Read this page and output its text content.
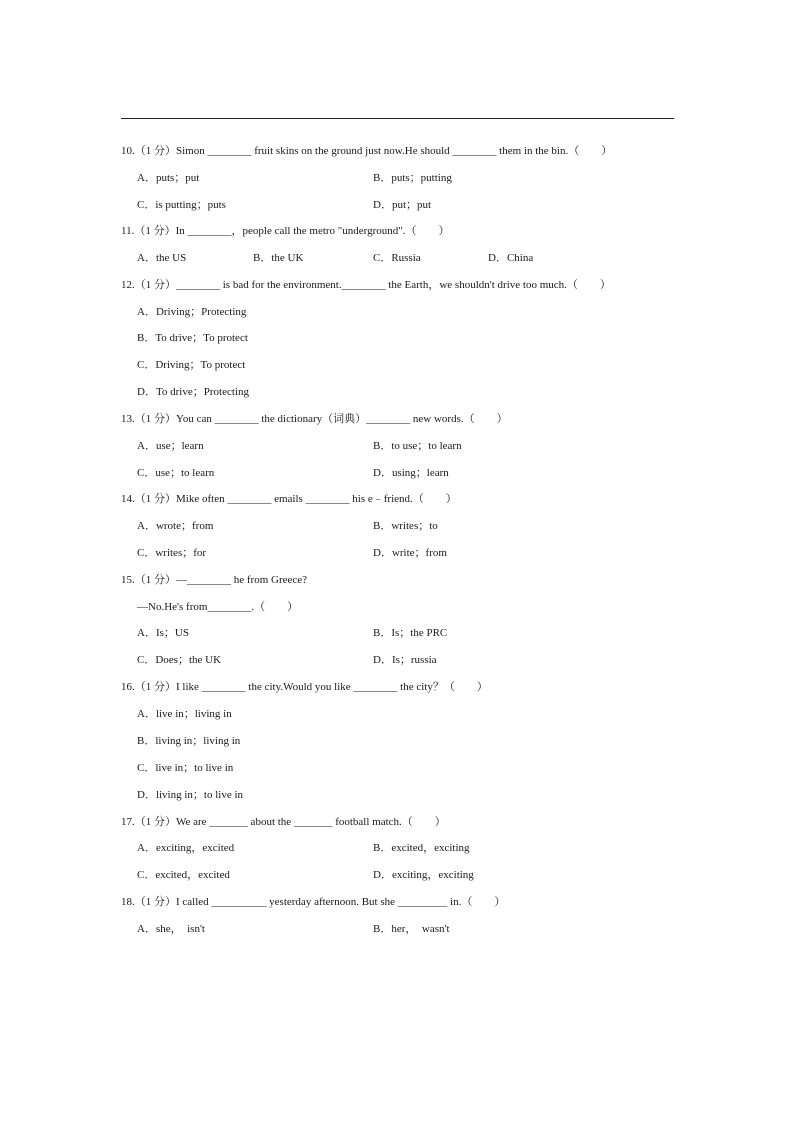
10.（1 分）Simon ________ fruit skins on the ground just now.He should ________ them in the bin.（　　）
A．puts；put	B．puts；putting
C．is putting；puts	D．put；put
11.（1 分）In ________，people call the metro "underground".（　　）
A．the US	B．the UK	C．Russia	D．China
12.（1 分）________ is bad for the environment.________ the Earth，we shouldn't drive too much.（　　）
A．Driving；Protecting
B．To drive；To protect
C．Driving；To protect
D．To drive；Protecting
13.（1 分）You can ________ the dictionary（词典）________ new words.（　　）
A．use；learn	B．to use；to learn
C．use；to learn	D．using；learn
14.（1 分）Mike often ________ emails ________ his e﹣friend.（　　）
A．wrote；from	B．writes；to
C．writes；for	D．write；from
15.（1 分）—________ he from Greece?
—No.He's from________.（　　）
A．Is；US	B．Is；the PRC
C．Does；the UK	D．Is；russia
16.（1 分）I like ________ the city.Would you like ________ the city？（　　）
A．live in；living in
B．living in；living in
C．live in；to live in
D．living in；to live in
17.（1 分）We are _______ about the _______ football match.（　　）
A．exciting，excited	B．excited，exciting
C．excited，excited	D．exciting，exciting
18.（1 分）I called __________ yesterday afternoon. But she _________ in.（　　）
A．she，  isn't	B．her，  wasn't
